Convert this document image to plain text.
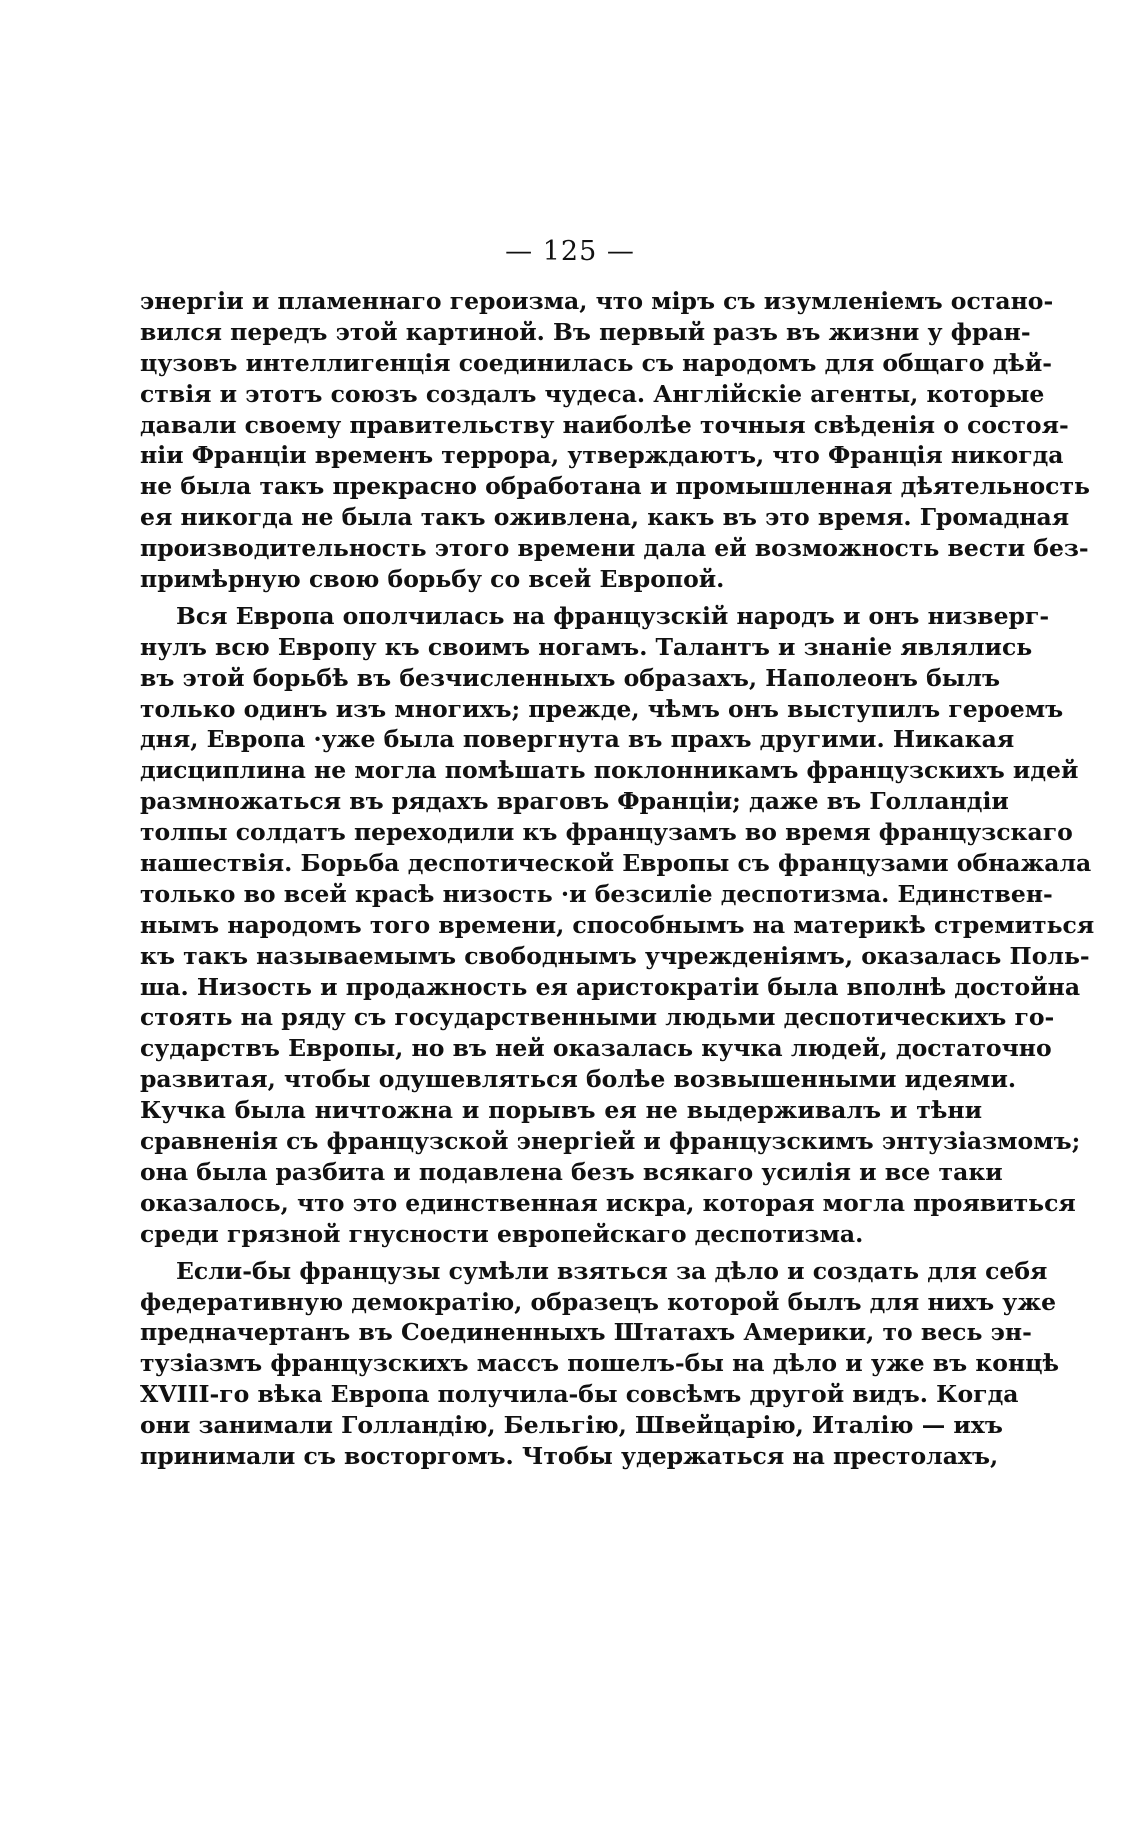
— 125 —
энергіи и пламеннаго героизма, что міръ съ изумленіемъ остано-
вился передъ этой картиной. Въ первый разъ въ жизни у фран-
цузовъ интеллигенція соединилась съ народомъ для общаго дѣй-
ствія и этотъ союзъ создалъ чудеса. Англійскіе агенты, которые
давали своему правительству наиболѣе точныя свѣденія о состоя-
ніи Франціи временъ террора, утверждаютъ, что Франція никогда
не была такъ прекрасно обработана и промышленная дѣятельность
ея никогда не была такъ оживлена, какъ въ это время. Громадная
производительность этого времени дала ей возможность вести без-
примѣрную свою борьбу со всей Европой.
Вся Европа ополчилась на французскій народъ и онъ низверг-
нулъ всю Европу къ своимъ ногамъ. Талантъ и знаніе являлись
въ этой борьбѣ въ безчисленныхъ образахъ, Наполеонъ былъ
только одинъ изъ многихъ; прежде, чѣмъ онъ выступилъ героемъ
дня, Европа ·уже была повергнута въ прахъ другими. Никакая
дисциплина не могла помѣшать поклонникамъ французскихъ идей
размножаться въ рядахъ враговъ Франціи; даже въ Голландіи
толпы солдатъ переходили къ французамъ во время французскаго
нашествія. Борьба деспотической Европы съ французами обнажала
только во всей красѣ низость ·и безсиліе деспотизма. Единствен-
нымъ народомъ того времени, способнымъ на материкѣ стремиться
къ такъ называемымъ свободнымъ учрежденіямъ, оказалась Поль-
ша. Низость и продажность ея аристократіи была вполнѣ достойна
стоять на ряду съ государственными людьми деспотическихъ го-
сударствъ Европы, но въ ней оказалась кучка людей, достаточно
развитая, чтобы одушевляться болѣе возвышенными идеями.
Кучка была ничтожна и порывъ ея не выдерживалъ и тѣни
сравненія съ французской энергіей и французскимъ энтузіазмомъ;
она была разбита и подавлена безъ всякаго усилія и все таки
оказалось, что это единственная искра, которая могла проявиться
среди грязной гнусности европейскаго деспотизма.
Если-бы французы сумѣли взяться за дѣло и создать для себя
федеративную демократію, образецъ которой былъ для нихъ уже
предначертанъ въ Соединенныхъ Штатахъ Америки, то весь эн-
тузіазмъ французскихъ массъ пошелъ-бы на дѣло и уже въ концѣ
XVIII-го вѣка Европа получила-бы совсѣмъ другой видъ. Когда
они занимали Голландію, Бельгію, Швейцарію, Италію — ихъ
принимали съ восторгомъ. Чтобы удержаться на престолахъ,
